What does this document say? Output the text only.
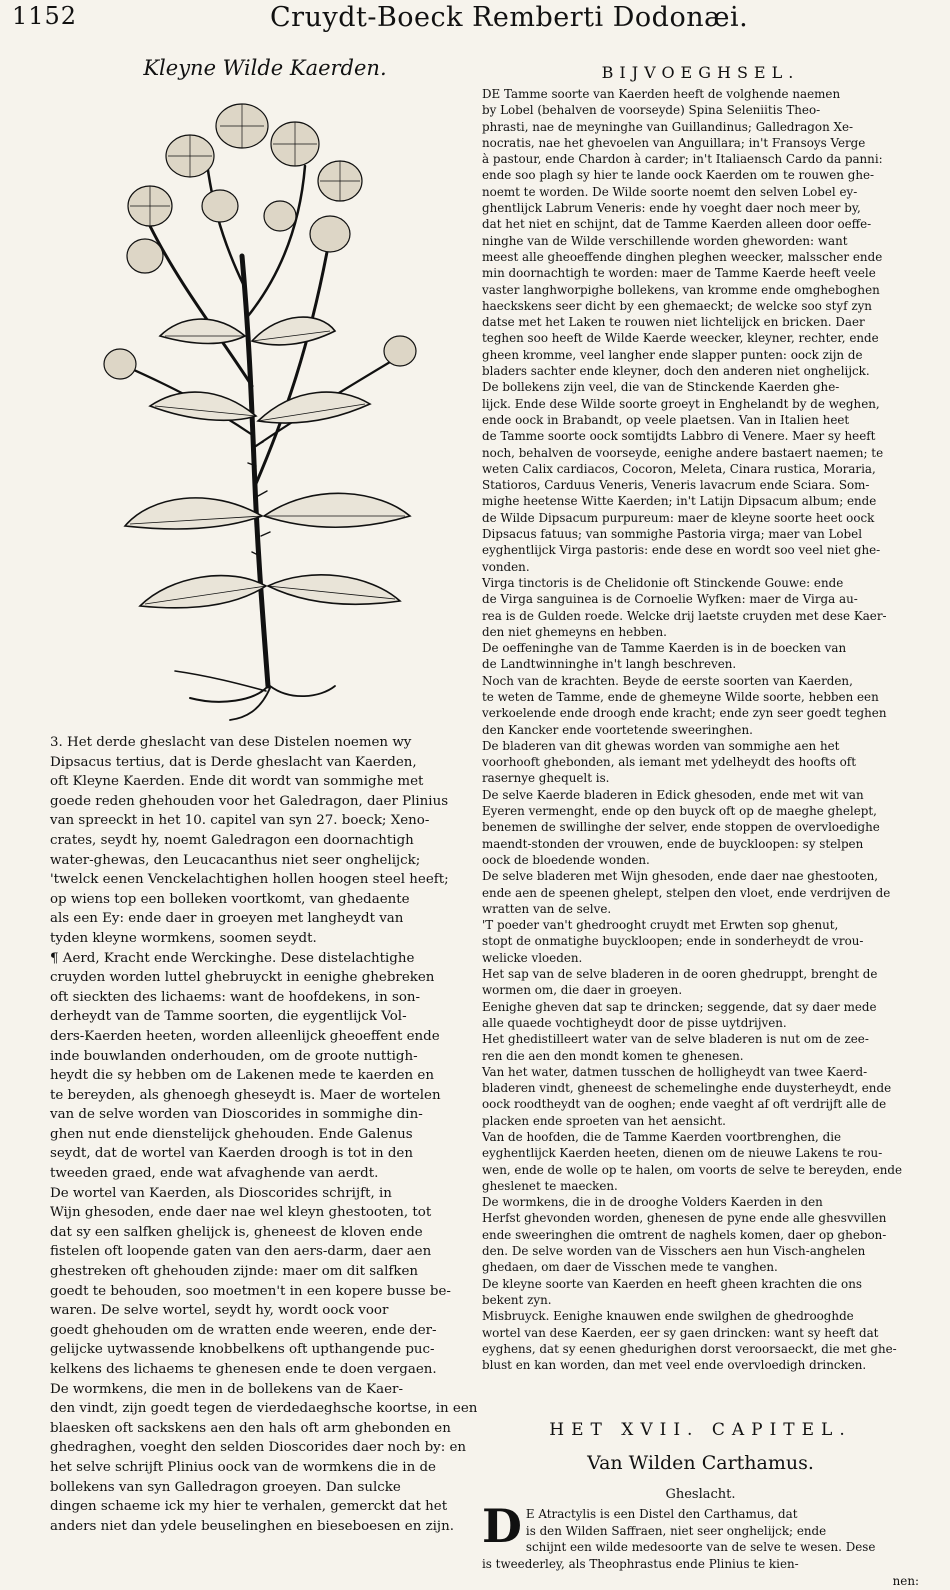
1152	Cruydt-Boeck Remberti Dodonæi.
Kleyne Wilde Kaerden.
3. Het derde gheslacht van dese Distelen noemen wy
Dipsacus tertius, dat is Derde gheslacht van Kaerden,
oft Kleyne Kaerden. Ende dit wordt van sommighe met
goede reden ghehouden voor het Galedragon, daer Plinius
van spreeckt in het 10. capitel van syn 27. boeck; Xeno-
crates, seydt hy, noemt Galedragon een doornachtigh
water-ghewas, den Leucacanthus niet seer onghelijck;
'twelck eenen Venckelachtighen hollen hoogen steel heeft;
op wiens top een bolleken voortkomt, van ghedaente
als een Ey: ende daer in groeyen met langheydt van
tyden kleyne wormkens, soomen seydt.
¶ Aerd, Kracht ende Werckinghe. Dese distelachtighe
cruyden worden luttel ghebruyckt in eenighe ghebreken
oft sieckten des lichaems: want de hoofdekens, in son-
derheydt van de Tamme soorten, die eygentlijck Vol-
ders-Kaerden heeten, worden alleenlijck gheoeffent ende
inde bouwlanden onderhouden, om de groote nuttigh-
heydt die sy hebben om de Lakenen mede te kaerden en
te bereyden, als ghenoegh gheseydt is. Maer de wortelen
van de selve worden van Dioscorides in sommighe din-
ghen nut ende dienstelijck ghehouden. Ende Galenus
seydt, dat de wortel van Kaerden droogh is tot in den
tweeden graed, ende wat afvaghende van aerdt.
De wortel van Kaerden, als Dioscorides schrijft, in
Wijn ghesoden, ende daer nae wel kleyn ghestooten, tot
dat sy een salfken ghelijck is, gheneest de kloven ende
fistelen oft loopende gaten van den aers-darm, daer aen
ghestreken oft ghehouden zijnde: maer om dit salfken
goedt te behouden, soo moetmen't in een kopere busse be-
waren. De selve wortel, seydt hy, wordt oock voor
goedt ghehouden om de wratten ende weeren, ende der-
gelijcke uytwassende knobbelkens oft upthangende puc-
kelkens des lichaems te ghenesen ende te doen vergaen.
De wormkens, die men in de bollekens van de Kaer-
den vindt, zijn goedt tegen de vierdedaeghsche koortse, in een
blaesken oft sackskens aen den hals oft arm ghebonden en
ghedraghen, voeght den selden Dioscorides daer noch by: en
het selve schrijft Plinius oock van de wormkens die in de
bollekens van syn Galledragon groeyen. Dan sulcke
dingen schaeme ick my hier te verhalen, gemerckt dat het
anders niet dan ydele beuselinghen en bieseboesen en zijn.
BIJVOEGHSEL.
DE Tamme soorte van Kaerden heeft de volghende naemen
by Lobel (behalven de voorseyde) Spina Seleniitis Theo-
phrasti, nae de meyninghe van Guillandinus; Galledragon Xe-
nocratis, nae het ghevoelen van Anguillara; in't Fransoys Verge
à pastour, ende Chardon à carder; in't Italiaensch Cardo da panni:
ende soo plagh sy hier te lande oock Kaerden om te rouwen ghe-
noemt te worden. De Wilde soorte noemt den selven Lobel ey-
ghentlijck Labrum Veneris: ende hy voeght daer noch meer by,
dat het niet en schijnt, dat de Tamme Kaerden alleen door oeffe-
ninghe van de Wilde verschillende worden gheworden: want
meest alle gheoeffende dinghen pleghen weecker, malsscher ende
min doornachtigh te worden: maer de Tamme Kaerde heeft veele
vaster langhworpighe bollekens, van kromme ende omgheboghen
haeckskens seer dicht by een ghemaeckt; de welcke soo styf zyn
datse met het Laken te rouwen niet lichtelijck en bricken. Daer
teghen soo heeft de Wilde Kaerde weecker, kleyner, rechter, ende
gheen kromme, veel langher ende slapper punten: oock zijn de
bladers sachter ende kleyner, doch den anderen niet onghelijck.
De bollekens zijn veel, die van de Stinckende Kaerden ghe-
lijck. Ende dese Wilde soorte groeyt in Enghelandt by de weghen,
ende oock in Brabandt, op veele plaetsen. Van in Italien heet
de Tamme soorte oock somtijdts Labbro di Venere. Maer sy heeft
noch, behalven de voorseyde, eenighe andere bastaert naemen; te
weten Calix cardiacos, Cocoron, Meleta, Cinara rustica, Moraria,
Statioros, Carduus Veneris, Veneris lavacrum ende Sciara. Som-
mighe heetense Witte Kaerden; in't Latijn Dipsacum album; ende
de Wilde Dipsacum purpureum: maer de kleyne soorte heet oock
Dipsacus fatuus; van sommighe Pastoria virga; maer van Lobel
eyghentlijck Virga pastoris: ende dese en wordt soo veel niet ghe-
vonden.
Virga tinctoris is de Chelidonie oft Stinckende Gouwe: ende
de Virga sanguinea is de Cornoelie Wyfken: maer de Virga au-
rea is de Gulden roede. Welcke drij laetste cruyden met dese Kaer-
den niet ghemeyns en hebben.
De oeffeninghe van de Tamme Kaerden is in de boecken van
de Landtwinninghe in't langh beschreven.
Noch van de krachten. Beyde de eerste soorten van Kaerden,
te weten de Tamme, ende de ghemeyne Wilde soorte, hebben een
verkoelende ende droogh ende kracht; ende zyn seer goedt teghen
den Kancker ende voortetende sweeringhen.
De bladeren van dit ghewas worden van sommighe aen het
voorhooft ghebonden, als iemant met ydelheydt des hoofts oft
rasernye ghequelt is.
De selve Kaerde bladeren in Edick ghesoden, ende met wit van
Eyeren vermenght, ende op den buyck oft op de maeghe ghelept,
benemen de swillinghe der selver, ende stoppen de overvloedighe
maendt-stonden der vrouwen, ende de buyckloopen: sy stelpen
oock de bloedende wonden.
De selve bladeren met Wijn ghesoden, ende daer nae ghestooten,
ende aen de speenen ghelept, stelpen den vloet, ende verdrijven de
wratten van de selve.
'T poeder van't ghedrooght cruydt met Erwten sop ghenut,
stopt de onmatighe buyckloopen; ende in sonderheydt de vrou-
welicke vloeden.
Het sap van de selve bladeren in de ooren ghedruppt, brenght de
wormen om, die daer in groeyen.
Eenighe gheven dat sap te drincken; seggende, dat sy daer mede
alle quaede vochtigheydt door de pisse uytdrijven.
Het ghedistilleert water van de selve bladeren is nut om de zee-
ren die aen den mondt komen te ghenesen.
Van het water, datmen tusschen de holligheydt van twee Kaerd-
bladeren vindt, gheneest de schemelinghe ende duysterheydt, ende
oock roodtheydt van de ooghen; ende vaeght af oft verdrijft alle de
placken ende sproeten van het aensicht.
Van de hoofden, die de Tamme Kaerden voortbrenghen, die
eyghentlijck Kaerden heeten, dienen om de nieuwe Lakens te rou-
wen, ende de wolle op te halen, om voorts de selve te bereyden, ende
gheslenet te maecken.
De wormkens, die in de drooghe Volders Kaerden in den
Herfst ghevonden worden, ghenesen de pyne ende alle ghesvvillen
ende sweeringhen die omtrent de naghels komen, daer op ghebon-
den. De selve worden van de Visschers aen hun Visch-anghelen
ghedaen, om daer de Visschen mede te vanghen.
De kleyne soorte van Kaerden en heeft gheen krachten die ons
bekent zyn.
Misbruyck. Eenighe knauwen ende swilghen de ghedrooghde
wortel van dese Kaerden, eer sy gaen drincken: want sy heeft dat
eyghens, dat sy eenen ghedurighen dorst veroorsaeckt, die met ghe-
blust en kan worden, dan met veel ende overvloedigh drincken.
HET XVII. CAPITEL.
Van Wilden Carthamus.
Gheslacht.
D E Atractylis is een Distel den Carthamus, dat
is den Wilden Saffraen, niet seer onghelijck; ende
schijnt een wilde medesoorte van de selve te wesen. Dese
is tweederley, als Theophrastus ende Plinius te kien-
nen:
